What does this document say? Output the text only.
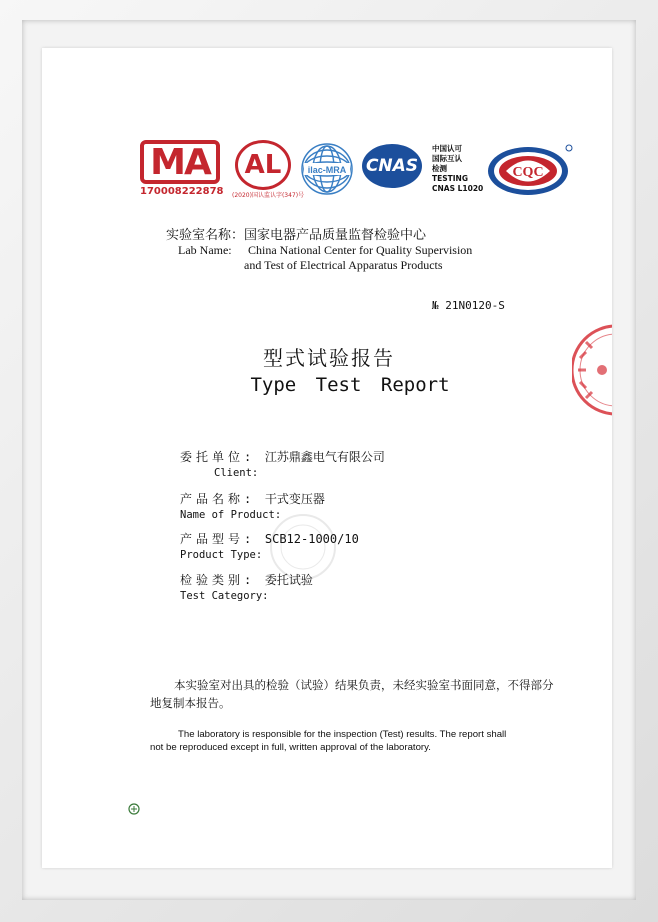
MA
170008222878
AL
(2020)国认监认字(347)号
ilac-MRA CNAS
中国认可
国际互认
检测
TESTING
CNAS L1020
CQC
实验室名称：国家电器产品质量监督检验中心
Lab Name: China National Center for Quality Supervision
and Test of Electrical Apparatus Products
№ 21N0120-S
型式试验报告
Type Test Report
委托单位: 江苏鼎鑫电气有限公司
Client:
产品名称: 干式变压器
Name of Product:
产品型号: SCB12-1000/10
Product Type:
检验类别: 委托试验
Test Category:
本实验室对出具的检验（试验）结果负责，未经实验室书面同意，不得部分地复制本报告。
The laboratory is responsible for the inspection (Test) results. The report shall
not be reproduced except in full, written approval of the laboratory.
